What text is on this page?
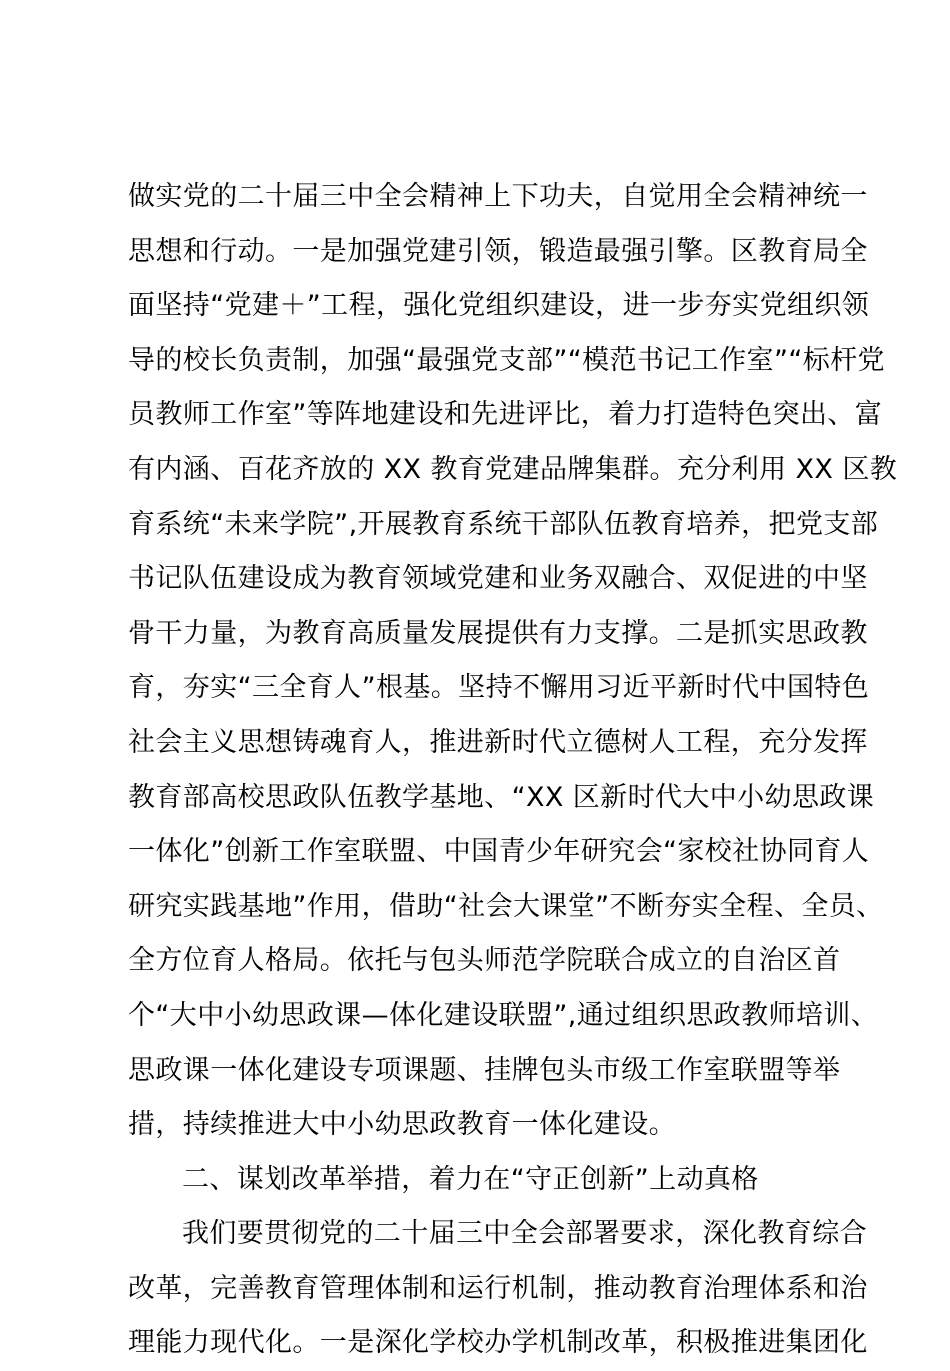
做实党的二十届三中全会精神上下功夫，自觉用全会精神统一
思想和行动。一是加强党建引领，锻造最强引擎。区教育局全
面坚持“党建＋”工程，强化党组织建设，进一步夯实党组织领
导的校长负责制，加强“最强党支部”“模范书记工作室”“标杆党
员教师工作室”等阵地建设和先进评比，着力打造特色突出、富
有内涵、百花齐放的 XX 教育党建品牌集群。充分利用 XX 区教
育系统“未来学院”,开展教育系统干部队伍教育培养，把党支部
书记队伍建设成为教育领域党建和业务双融合、双促进的中坚
骨干力量，为教育高质量发展提供有力支撑。二是抓实思政教
育，夯实“三全育人”根基。坚持不懈用习近平新时代中国特色
社会主义思想铸魂育人，推进新时代立德树人工程，充分发挥
教育部高校思政队伍教学基地、“XX 区新时代大中小幼思政课
一体化”创新工作室联盟、中国青少年研究会“家校社协同育人
研究实践基地”作用，借助“社会大课堂”不断夯实全程、全员、
全方位育人格局。依托与包头师范学院联合成立的自治区首
个“大中小幼思政课—体化建设联盟”,通过组织思政教师培训、
思政课一体化建设专项课题、挂牌包头市级工作室联盟等举
措，持续推进大中小幼思政教育一体化建设。
二、谋划改革举措，着力在“守正创新”上动真格
我们要贯彻党的二十届三中全会部署要求，深化教育综合
改革，完善教育管理体制和运行机制，推动教育治理体系和治
理能力现代化。一是深化学校办学机制改革，积极推进集团化
